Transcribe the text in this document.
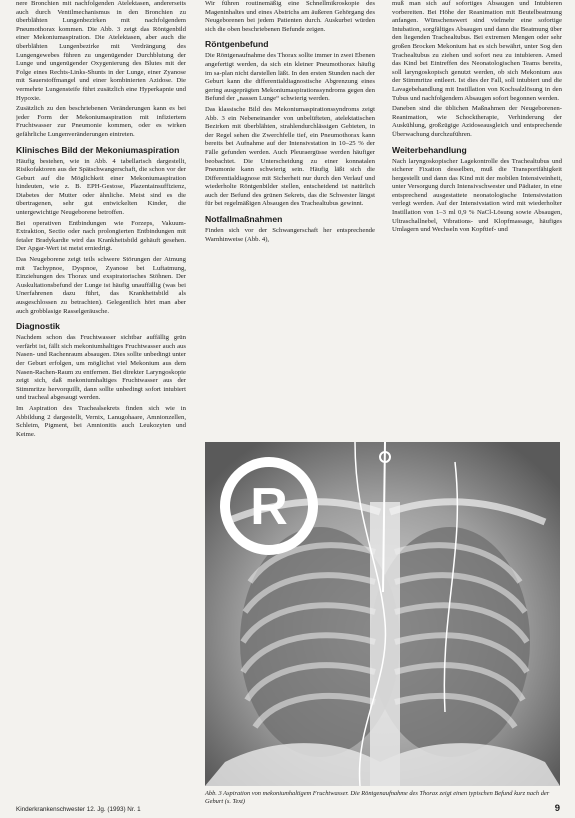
nere Bronchien mit nachfolgenden Atelektasen, andererseits auch durch Ventilmechanismus in den Bronchien zu überblähten Lungenbezirken mit nachfolgendem Pneumothorax kommen. Die Abb. 3 zeigt das Röntgenbild einer Mekoniumaspiration. Die Atelektasen, aber auch die überblähten Lungenbezirke mit Verdrängung des Lungengewebes führen zu ungenügender Durchblutung der Lunge und ungenügender Oxygenierung des Blutes mit der Folge eines Rechts-Links-Shunts in der Lunge, einer Zyanose mit Sauerstoffmangel und einer kombinierten Azidose. Die vermehrte Lungensteife führt zusätzlich eine Hyperkapnie und Hypoxie.

Zusätzlich zu den beschriebenen Veränderungen kann es bei jeder Form der Mekoniumaspiration mit infiziertem Fruchtwasser zur Pneumonie kommen, oder es wirken gefährliche Lungenveränderungen eintreten.

Klinisches Bild der Mekoniumaspiration

Häufig bestehen, wie in Abb. 4 tabellarisch dargestellt, Risikofaktoren aus der Spätschwangerschaft, die schon vor der Geburt auf die Möglichkeit einer Mekoniumaspiration hindeuten, wie z. B. EPH-Gestose, Plazentainsuffizienz, Diabetes der Mutter oder ähnliche. Meist sind es die übertragenen, sehr gut entwickelten Kinder, die untergewichtige Neugeborene betroffen.

Bei operativen Entbindungen wie Forzeps, Vakuum-Extraktion, Sectio oder nach prolongierten Entbindungen mit fetaler Bradykardie wird das Krankheitsbild gehäuft gesehen. Der Apgar-Wert ist meist erniedrigt.

Das Neugeborene zeigt teils schwere Störungen der Atmung mit Tachypnoe, Dyspnoe, Zyanose bei Luftatmung, Einziehungen des Thorax und exspiratorisches Stöhnen. Der Auskultationsbefund der Lunge ist häufig unauffällig (was bei Unerfahrenen dazu führt, das Krankheitsbild als ausgeschlossen zu betrachten). Gelegentlich hört man aber auch grobblasige Rasselgeräusche.

Diagnostik

Nachdem schon das Fruchtwasser sichtbar auffällig grün verfärbt ist, fällt sich mekoniumhaltiges Fruchtwasser auch aus Nasen- und Rachenraum absaugen. Dies sollte unbedingt unter der Geburt erfolgen, um möglichst viel Mekonium aus dem Nasen-Rachen-Raum zu entfernen. Bei direkter Laryngoskopie zeigt sich, daß mekoniumhaltiges Fruchtwasser aus der Stimmritze hervorquillt, dann sollte unbedingt sofort intubiert und tracheal abgesaugt werden.

Im Aspiration des Trachealsekrets finden sich wie in Abbildung 2 dargestellt, Vernix, Lanugohaare, Amnionzellen, Schleim, Pigment, bei Amnionitis auch Leukozyten und Keime.

Wir führen routinemäßig eine Schnellmikroskopie des Mageninhaltes und eines Abstrichs am äußeren Gehörgang des Neugeborenen bei jedem Patienten durch. Auskurbei würden sich die oben beschriebenen Befunde zeigen.

Röntgenbefund

Die Röntgenaufnahme des Thorax sollte immer in zwei Ebenen angefertigt werden, da sich ein kleiner Pneumothorax häufig im sa-plan nicht darstellen läßt. In den ersten Stunden nach der Geburt kann die differentialdiagnostische Abgrenzung eines gering ausgeprägten Mekoniumaspirationssyndroms gegen den Befund der „nassen Lunge“ schwierig werden.

Das klassische Bild des Mekoniumaspirationssyndroms zeigt Abb. 3 ein Nebeneinander von unbelüfteten, atelektatischen Bezirken mit überblähten, strahlendurchlässigen Gebieten, in der Regel sehen die Zwerchfelle tief, ein Pneumothorax kann bereits bei Aufnahme auf der Intensivstation in 10–25 % der Fälle gefunden werden. Auch Pleuraergüsse werden häufiger beobachtet. Die Unterscheidung zu einer konnatalen Pneumonie kann schwierig sein. Häufig läßt sich die Differentialdiagnose mit Sicherheit nur durch den Verlauf und wiederholte Röntgenbilder stellen, entscheidend ist natürlich auch der Befund des grünen Sekrets, das die Schwester längst für bei regelmäßigen Absaugen des Trachealtubus gewinnt.

Notfallmaßnahmen

Finden sich vor der Schwangerschaft her entsprechende Warnhinweise (Abb. 4),

muß man sich auf sofortiges Absaugen und Intubieren vorbereiten. Bei Höhe der Reanimation mit Beutelbeatmung anfangen. Wünschenswert sind vielmehr eine sofortige Intubation, sorgfältiges Absaugen und dann die Beatmung über den liegenden Trachealtubus. Bei extremen Mengen oder sehr großen Brocken Mekonium hat es sich bewährt, unter Sog den Trachealtubus zu ziehen und sofort neu zu intubieren. Amed das Kind bei Eintreffen des Neonatologischen Teams bereits, soll laryngoskopisch genutzt werden, ob sich Mekonium aus der Stimmritze entleert. Ist dies der Fall, soll intubiert und die Lavagebehandlung mit Instillation von Kochsalzlösung in den Tubus und nachfolgendem Absaugen sofort begonnen werden.

Daneben sind die üblichen Maßnahmen der Neugeborenen-Reanimation, wie Schocktherapie, Verhinderung der Auskühlung, großzügige Azidoseausgleich und entsprechende Überwachung durchzuführen.

Weiterbehandlung

Nach laryngoskopischer Lagekontrolle des Trachealtubus und sicherer Fixation desselben, muß die Transportfähigkeit hergestellt und dann das Kind mit der mobilen Intensiveinheit, unter Versorgung durch Intensivschwester und Pädiater, in eine entsprechend ausgestattete neonatologische Intensivstation verlegt werden. Auf der Intensivstation wird mit wiederholter Instillation von 1–3 ml 0,9 % NaCl-Lösung sowie Absaugen, Ultraschallnebel, Vibrations- und Klopfmassage, häufiges Umlagern und Wechseln von Kopftief- und

R
Abb. 3 Aspiration von mekoniumhaltigem Fruchtwasser. Die Röntgenaufnahme des Thorax zeigt einen typischen Befund kurz nach der Geburt (s. Text)
Kinderkrankenschwester 12. Jg. (1993) Nr. 1	9
